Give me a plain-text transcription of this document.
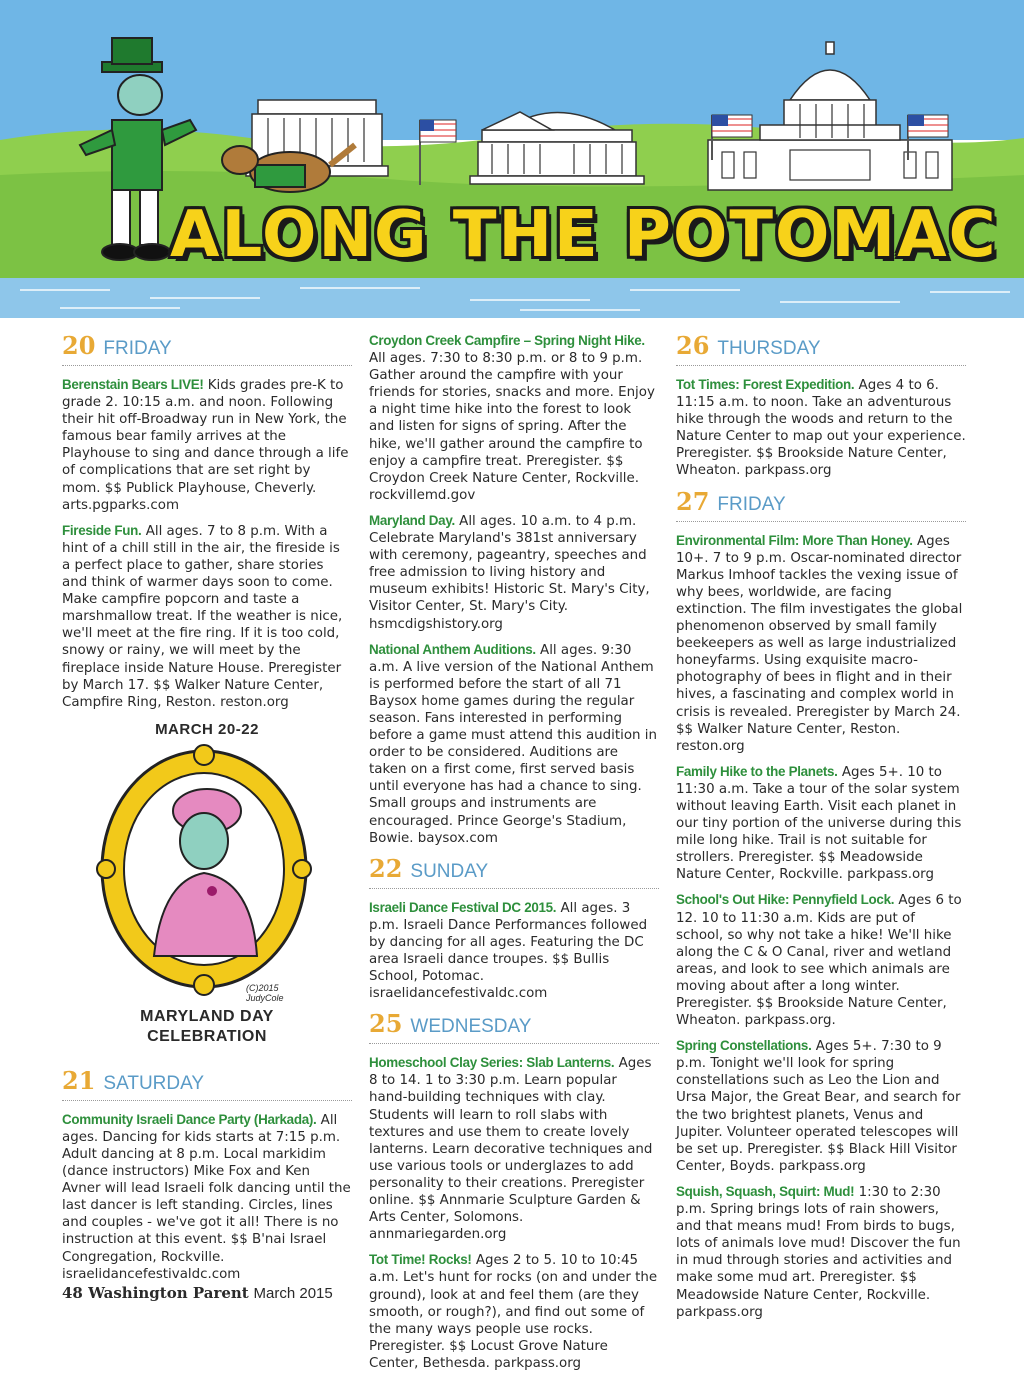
ALONG THE POTOMAC
20 FRIDAY

Berenstain Bears LIVE! Kids grades pre-K to grade 2. 10:15 a.m. and noon. Following their hit off-Broadway run in New York, the famous bear family arrives at the Playhouse to sing and dance through a life of complications that are set right by mom. $$ Publick Playhouse, Cheverly. arts.pgparks.com

Fireside Fun. All ages. 7 to 8 p.m. With a hint of a chill still in the air, the fireside is a perfect place to gather, share stories and think of warmer days soon to come. Make campfire popcorn and taste a marshmallow treat. If the weather is nice, we'll meet at the fire ring. If it is too cold, snowy or rainy, we will meet by the fireplace inside Nature House. Preregister by March 17. $$ Walker Nature Center, Campfire Ring, Reston. reston.org

MARCH 20-22
(C)2015
JudyCole
MARYLAND DAY
CELEBRATION
21 SATURDAY

Community Israeli Dance Party (Harkada). All ages. Dancing for kids starts at 7:15 p.m. Adult dancing at 8 p.m. Local markidim (dance instructors) Mike Fox and Ken Avner will lead Israeli folk dancing until the last dancer is left standing. Circles, lines and couples - we've got it all! There is no instruction at this event. $$ B'nai Israel Congregation, Rockville. israelidancefestivaldc.com

Croydon Creek Campfire – Spring Night Hike. All ages. 7:30 to 8:30 p.m. or 8 to 9 p.m. Gather around the campfire with your friends for stories, snacks and more. Enjoy a night time hike into the forest to look and listen for signs of spring. After the hike, we'll gather around the campfire to enjoy a campfire treat. Preregister. $$ Croydon Creek Nature Center, Rockville. rockvillemd.gov

Maryland Day. All ages. 10 a.m. to 4 p.m. Celebrate Maryland's 381st anniversary with ceremony, pageantry, speeches and free admission to living history and museum exhibits! Historic St. Mary's City, Visitor Center, St. Mary's City. hsmcdigshistory.org

National Anthem Auditions. All ages. 9:30 a.m. A live version of the National Anthem is performed before the start of all 71 Baysox home games during the regular season. Fans interested in performing before a game must attend this audition in order to be considered. Auditions are taken on a first come, first served basis until everyone has had a chance to sing. Small groups and instruments are encouraged. Prince George's Stadium, Bowie. baysox.com

22 SUNDAY

Israeli Dance Festival DC 2015. All ages. 3 p.m. Israeli Dance Performances followed by dancing for all ages. Featuring the DC area Israeli dance troupes. $$ Bullis School, Potomac. israelidancefestivaldc.com

25 WEDNESDAY

Homeschool Clay Series: Slab Lanterns. Ages 8 to 14. 1 to 3:30 p.m. Learn popular hand-building techniques with clay. Students will learn to roll slabs with textures and use them to create lovely lanterns. Learn decorative techniques and use various tools or underglazes to add personality to their creations. Preregister online. $$ Annmarie Sculpture Garden & Arts Center, Solomons. annmariegarden.org

Tot Time! Rocks! Ages 2 to 5. 10 to 10:45 a.m. Let's hunt for rocks (on and under the ground), look at and feel them (are they smooth, or rough?), and find out some of the many ways people use rocks. Preregister. $$ Locust Grove Nature Center, Bethesda. parkpass.org

26 THURSDAY

Tot Times: Forest Expedition. Ages 4 to 6. 11:15 a.m. to noon. Take an adventurous hike through the woods and return to the Nature Center to map out your experience. Preregister. $$ Brookside Nature Center, Wheaton. parkpass.org

27 FRIDAY

Environmental Film: More Than Honey. Ages 10+. 7 to 9 p.m. Oscar-nominated director Markus Imhoof tackles the vexing issue of why bees, worldwide, are facing extinction. The film investigates the global phenomenon observed by small family beekeepers as well as large industrialized honeyfarms. Using exquisite macro-photography of bees in flight and in their hives, a fascinating and complex world in crisis is revealed. Preregister by March 24. $$ Walker Nature Center, Reston. reston.org

Family Hike to the Planets. Ages 5+. 10 to 11:30 a.m. Take a tour of the solar system without leaving Earth. Visit each planet in our tiny portion of the universe during this mile long hike. Trail is not suitable for strollers. Preregister. $$ Meadowside Nature Center, Rockville. parkpass.org

School's Out Hike: Pennyfield Lock. Ages 6 to 12. 10 to 11:30 a.m. Kids are put of school, so why not take a hike! We'll hike along the C & O Canal, river and wetland areas, and look to see which animals are moving about after a long winter. Preregister. $$ Brookside Nature Center, Wheaton. parkpass.org.

Spring Constellations. Ages 5+. 7:30 to 9 p.m. Tonight we'll look for spring constellations such as Leo the Lion and Ursa Major, the Great Bear, and search for the two brightest planets, Venus and Jupiter. Volunteer operated telescopes will be set up. Preregister. $$ Black Hill Visitor Center, Boyds. parkpass.org

Squish, Squash, Squirt: Mud! 1:30 to 2:30 p.m. Spring brings lots of rain showers, and that means mud! From birds to bugs, lots of animals love mud! Discover the fun in mud through stories and activities and make some mud art. Preregister. $$ Meadowside Nature Center, Rockville. parkpass.org

48 Washington Parent March 2015
